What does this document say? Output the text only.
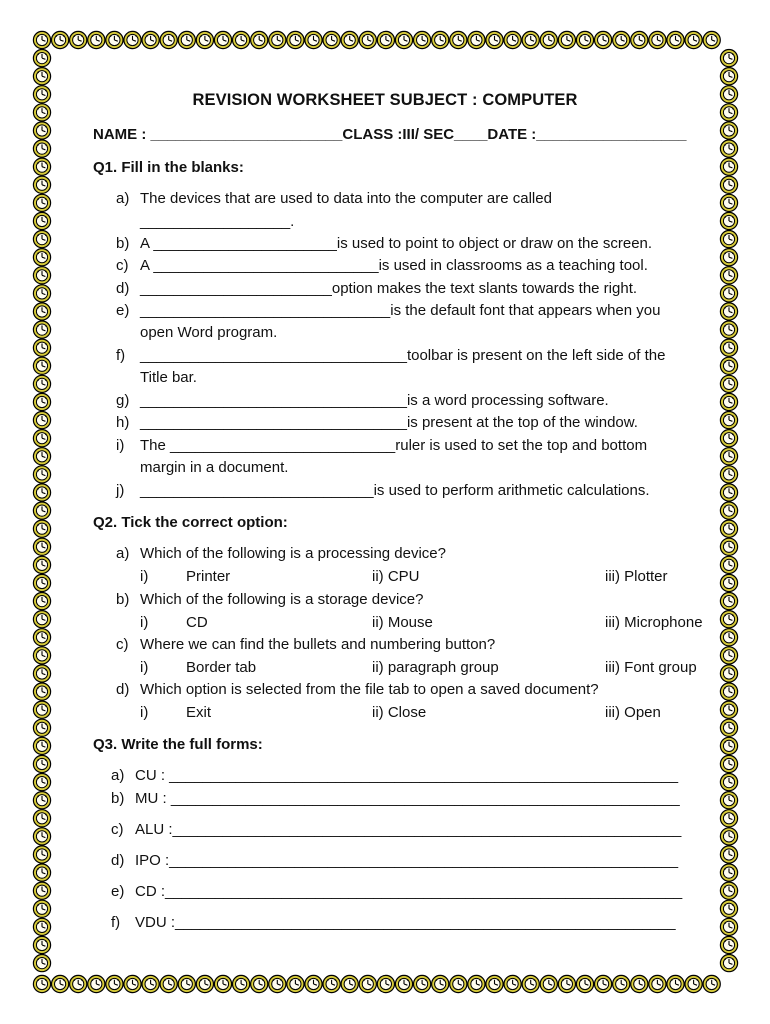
REVISION WORKSHEET SUBJECT : COMPUTER
NAME : _______________________CLASS :III/ SEC____DATE :__________________
Q1. Fill in the blanks:
a) The devices that are used to data into the computer are called
__________________.
b) A ______________________is used to point to object or draw on the screen.
c) A ___________________________is used in classrooms as a teaching tool.
d) _______________________option makes the text slants towards the right.
e) ______________________________is the default font that appears when you
open Word program.
f) ________________________________toolbar is present on the left side of the
Title bar.
g) ________________________________is a word processing software.
h) ________________________________is present at the top of the window.
i) The ___________________________ruler is used to set the top and bottom
margin in a document.
j) ____________________________is used to perform arithmetic calculations.
Q2. Tick the correct option:
a) Which of the following is a processing device?
i)	Printer	ii) CPU	iii) Plotter
b) Which of the following is a storage device?
i)	CD	ii) Mouse	iii) Microphone
c) Where we can find the bullets and numbering button?
i)	Border tab	ii) paragraph group	iii) Font group
d) Which option is selected from the file tab to open a saved document?
i)	Exit	ii) Close	iii) Open
Q3. Write the full forms:
a) CU : _____________________________________________________________
b) MU : _____________________________________________________________
c) ALU :_____________________________________________________________
d) IPO :_____________________________________________________________
e) CD :______________________________________________________________
f) VDU :____________________________________________________________
